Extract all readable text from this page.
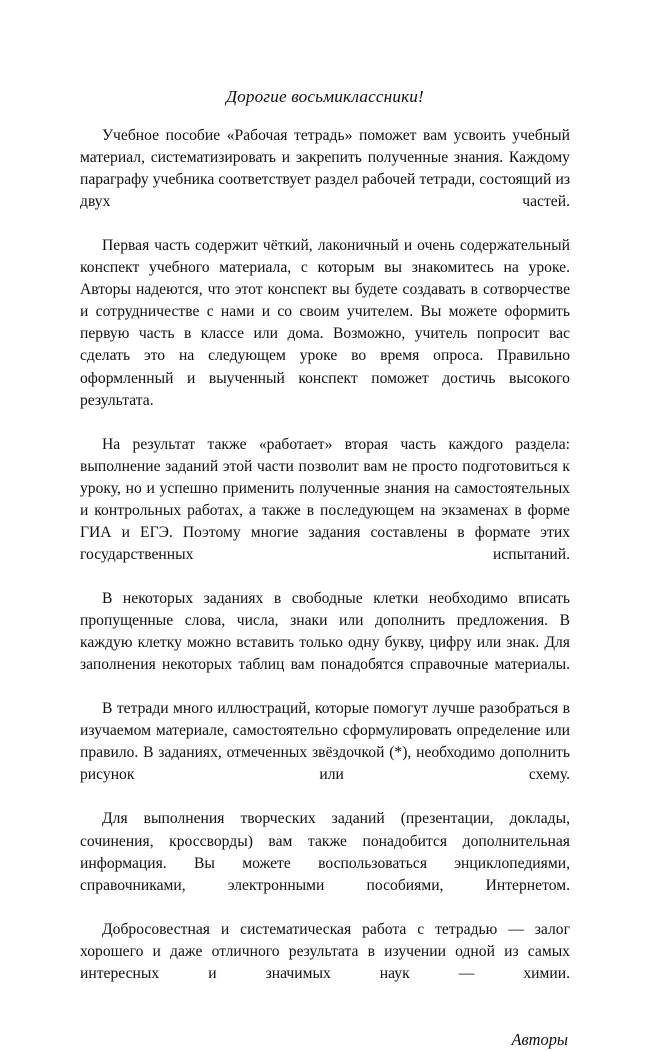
Дорогие восьмиклассники!

Учебное пособие «Рабочая тетрадь» поможет вам усвоить учебный материал, систематизировать и закрепить полученные знания. Каждому параграфу учебника соответствует раздел рабочей тетради, состоящий из двух частей.

Первая часть содержит чёткий, лаконичный и очень содержательный конспект учебного материала, с которым вы знакомитесь на уроке. Авторы надеются, что этот конспект вы будете создавать в сотворчестве и сотрудничестве с нами и со своим учителем. Вы можете оформить первую часть в классе или дома. Возможно, учитель попросит вас сделать это на следующем уроке во время опроса. Правильно оформленный и выученный конспект поможет достичь высокого результата.

На результат также «работает» вторая часть каждого раздела: выполнение заданий этой части позволит вам не просто подготовиться к уроку, но и успешно применить полученные знания на самостоятельных и контрольных работах, а также в последующем на экзаменах в форме ГИА и ЕГЭ. Поэтому многие задания составлены в формате этих государственных испытаний.

В некоторых заданиях в свободные клетки необходимо вписать пропущенные слова, числа, знаки или дополнить предложения. В каждую клетку можно вставить только одну букву, цифру или знак. Для заполнения некоторых таблиц вам понадобятся справочные материалы.

В тетради много иллюстраций, которые помогут лучше разобраться в изучаемом материале, самостоятельно сформулировать определение или правило. В заданиях, отмеченных звёздочкой (*), необходимо дополнить рисунок или схему.

Для выполнения творческих заданий (презентации, доклады, сочинения, кроссворды) вам также понадобится дополнительная информация. Вы можете воспользоваться энциклопедиями, справочниками, электронными пособиями, Интернетом.

Добросовестная и систематическая работа с тетрадью — залог хорошего и даже отличного результата в изучении одной из самых интересных и значимых наук — химии.

Авторы
